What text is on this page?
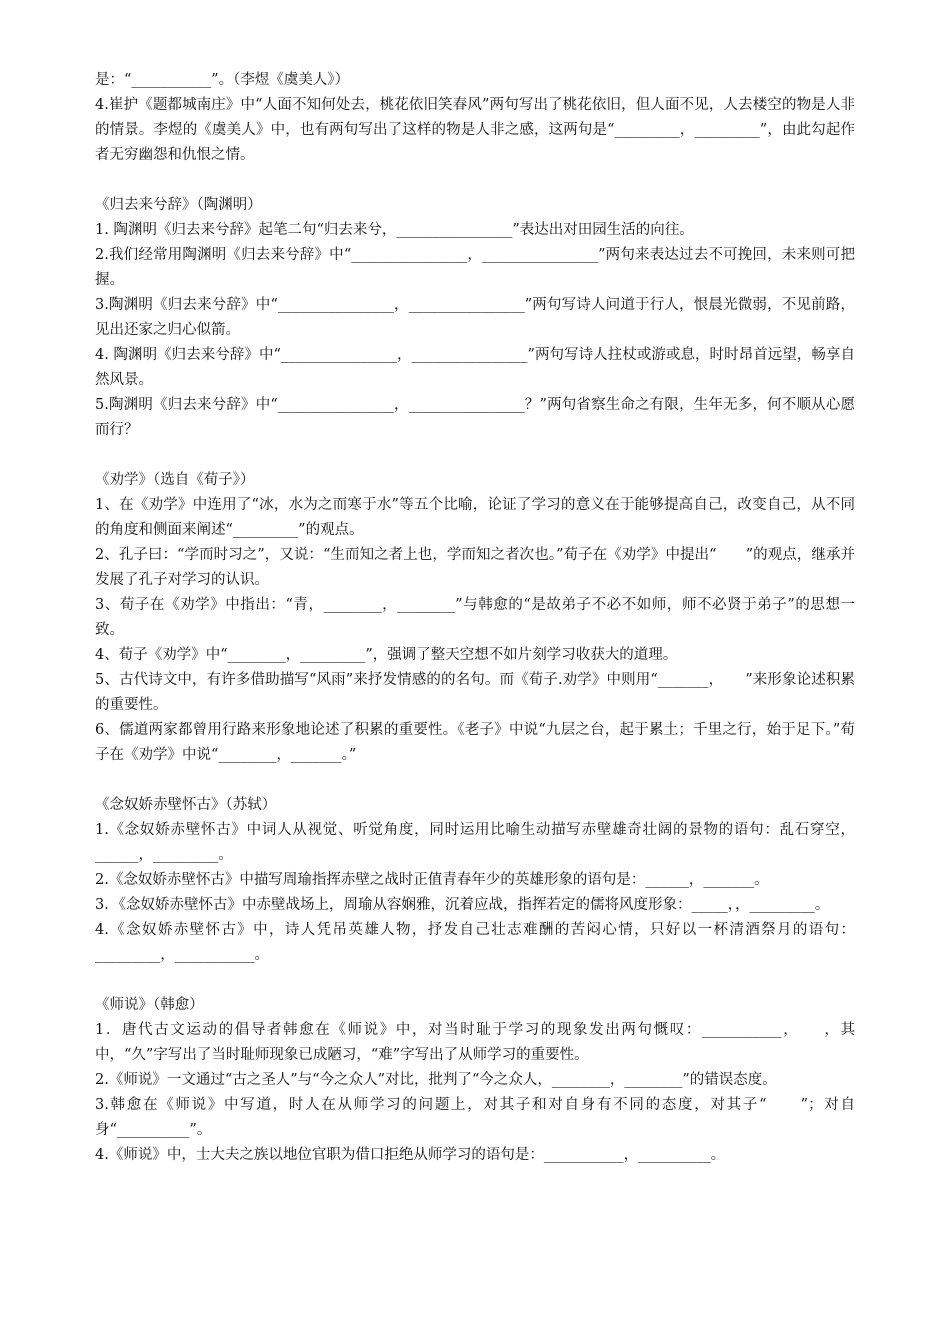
是：“___________”。（李煜《虞美人》）

4.崔护《题都城南庄》中“人面不知何处去，桃花依旧笑春风”两句写出了桃花依旧，但人面不见，人去楼空的物是人非的情景。李煜的《虞美人》中，也有两句写出了这样的物是人非之感，这两句是“_________，_________”，由此勾起作者无穷幽怨和仇恨之情。

《归去来兮辞》（陶渊明）

1. 陶渊明《归去来兮辞》起笔二句“归去来兮，________________”表达出对田园生活的向往。

2.我们经常用陶渊明《归去来兮辞》中“________________，________________”两句来表达过去不可挽回，未来则可把握。

3.陶渊明《归去来兮辞》中“________________，________________”两句写诗人问道于行人，恨晨光微弱，不见前路，见出还家之归心似箭。

4. 陶渊明《归去来兮辞》中“________________，________________”两句写诗人拄杖或游或息，时时昂首远望，畅享自然风景。

5.陶渊明《归去来兮辞》中“________________，________________？”两句省察生命之有限，生年无多，何不顺从心愿而行？

《劝学》（选自《荀子》）

1、在《劝学》中连用了“冰，水为之而寒于水”等五个比喻，论证了学习的意义在于能够提高自己，改变自己，从不同的角度和侧面来阐述“_________”的观点。

2、孔子曰：“学而时习之”，又说：“生而知之者上也，学而知之者次也。”荀子在《劝学》中提出“　　”的观点，继承并发展了孔子对学习的认识。

3、荀子在《劝学》中指出：“青，________，________”与韩愈的“是故弟子不必不如师，师不必贤于弟子”的思想一致。

4、荀子《劝学》中“________，_________”，强调了整天空想不如片刻学习收获大的道理。

5、古代诗文中，有许多借助描写“风雨”来抒发情感的的名句。而《荀子.劝学》中则用“_______，　　”来形象论述积累的重要性。

6、儒道两家都曾用行路来形象地论述了积累的重要性。《老子》中说“九层之台，起于累土；千里之行，始于足下。”荀子在《劝学》中说“________，_______。”

《念奴娇赤壁怀古》（苏轼）

1.《念奴娇赤壁怀古》中词人从视觉、听觉角度，同时运用比喻生动描写赤壁雄奇壮阔的景物的语句：乱石穿空，______，_________。

2.《念奴娇赤壁怀古》中描写周瑜指挥赤壁之战时正值青春年少的英雄形象的语句是：______，_______。

3．《念奴娇赤壁怀古》中赤壁战场上，周瑜从容娴雅，沉着应战，指挥若定的儒将风度形象：_____，，_________。

4.《念奴娇赤壁怀古》中，诗人凭吊英雄人物，抒发自己壮志难酬的苦闷心情，只好以一杯清酒祭月的语句：_________，___________。

《师说》（韩愈）

1．唐代古文运动的倡导者韩愈在《师说》中，对当时耻于学习的现象发出两句慨叹：___________，　　，其中，“久”字写出了当时耻师现象已成陋习，“难”字写出了从师学习的重要性。

2.《师说》一文通过“古之圣人”与“今之众人”对比，批判了“今之众人，________，________”的错误态度。

3.韩愈在《师说》中写道，时人在从师学习的问题上，对其子和对自身有不同的态度，对其子“　　”；对自身“__________”。

4.《师说》中，士大夫之族以地位官职为借口拒绝从师学习的语句是：___________，__________。
